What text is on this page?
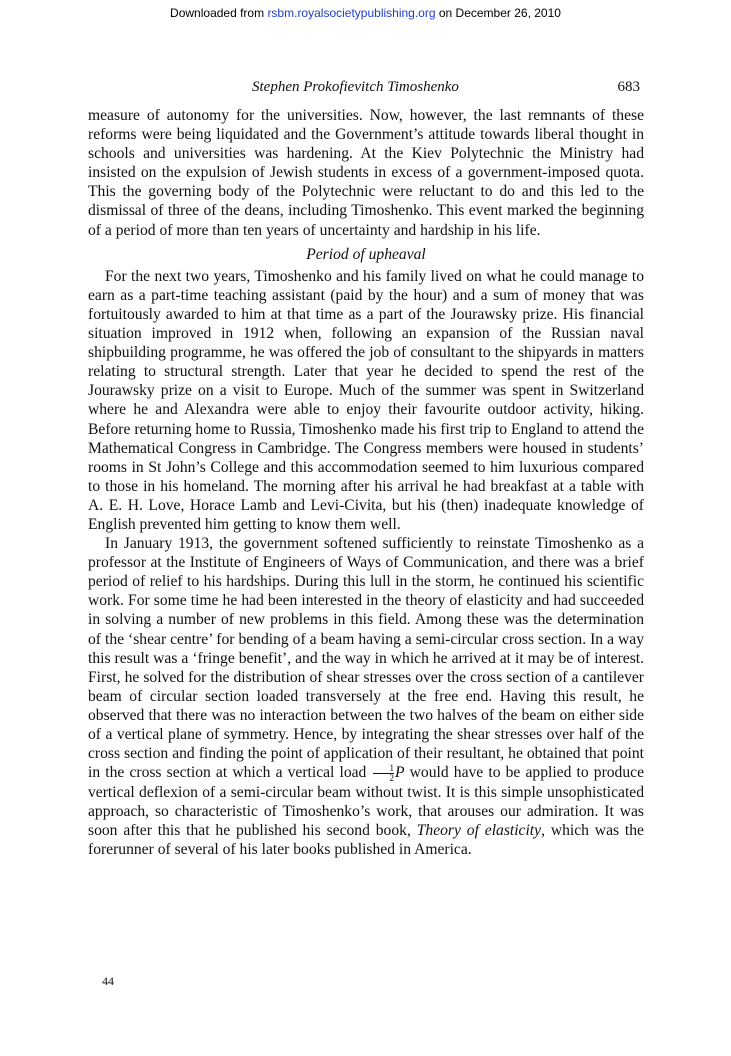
Downloaded from rsbm.royalsocietypublishing.org on December 26, 2010
Stephen Prokofievitch Timoshenko	683

measure of autonomy for the universities. Now, however, the last remnants of these reforms were being liquidated and the Government’s attitude towards liberal thought in schools and universities was hardening. At the Kiev Polytechnic the Ministry had insisted on the expulsion of Jewish students in excess of a government-imposed quota. This the governing body of the Polytechnic were reluctant to do and this led to the dismissal of three of the deans, including Timoshenko. This event marked the beginning of a period of more than ten years of uncertainty and hardship in his life.

Period of upheaval

For the next two years, Timoshenko and his family lived on what he could manage to earn as a part-time teaching assistant (paid by the hour) and a sum of money that was fortuitously awarded to him at that time as a part of the Jourawsky prize. His financial situation improved in 1912 when, following an expansion of the Russian naval shipbuilding programme, he was offered the job of consultant to the shipyards in matters relating to structural strength. Later that year he decided to spend the rest of the Jourawsky prize on a visit to Europe. Much of the summer was spent in Switzerland where he and Alexandra were able to enjoy their favourite outdoor activity, hiking. Before returning home to Russia, Timoshenko made his first trip to England to attend the Mathematical Congress in Cambridge. The Congress members were housed in students’ rooms in St John’s College and this accommodation seemed to him luxurious compared to those in his homeland. The morning after his arrival he had breakfast at a table with A. E. H. Love, Horace Lamb and Levi-Civita, but his (then) inadequate knowledge of English prevented him getting to know them well.

In January 1913, the government softened sufficiently to reinstate Timoshenko as a professor at the Institute of Engineers of Ways of Communication, and there was a brief period of relief to his hardships. During this lull in the storm, he continued his scientific work. For some time he had been interested in the theory of elasticity and had succeeded in solving a number of new problems in this field. Among these was the determination of the ‘shear centre’ for bending of a beam having a semi-circular cross section. In a way this result was a ‘fringe benefit’, and the way in which he arrived at it may be of interest. First, he solved for the distribution of shear stresses over the cross section of a cantilever beam of circular section loaded transversely at the free end. Having this result, he observed that there was no interaction between the two halves of the beam on either side of a vertical plane of symmetry. Hence, by integrating the shear stresses over half of the cross section and finding the point of application of their resultant, he obtained that point in the cross section at which a vertical load $\frac{1}{2}$ P would have to be applied to produce vertical deflexion of a semi-circular beam without twist. It is this simple unsophisticated approach, so characteristic of Timoshenko’s work, that arouses our admiration. It was soon after this that he published his second book, Theory of elasticity, which was the forerunner of several of his later books published in America.

44
